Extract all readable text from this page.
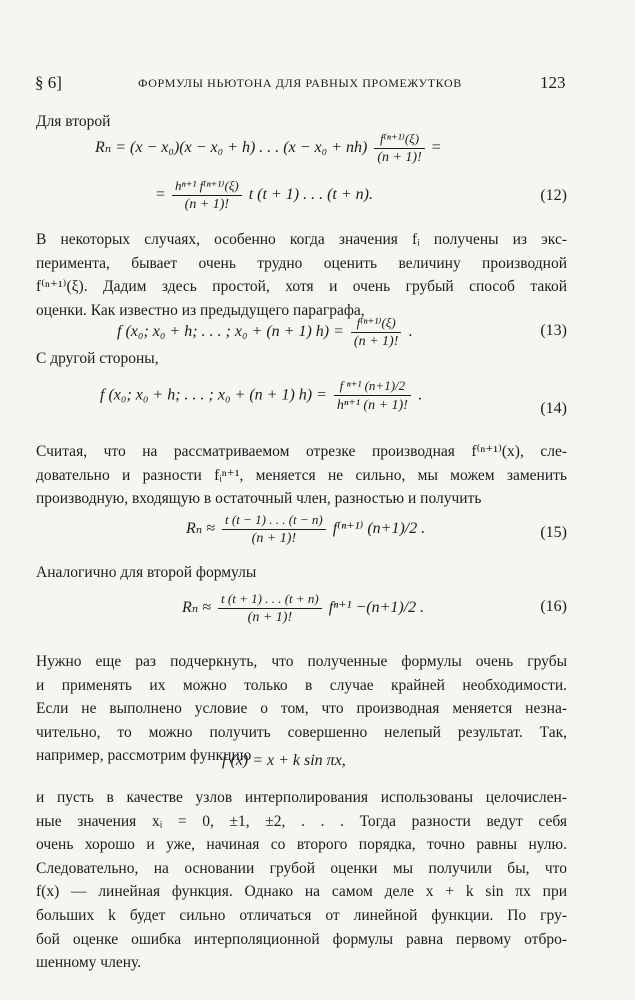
§ 6]	ФОРМУЛЫ НЬЮТОНА ДЛЯ РАВНЫХ ПРОМЕЖУТКОВ	123
Для второй
Rₙ = (x − x₀)(x − x₀ + h) . . . $(x - x_0 + nh) \frac{\text{f⁽ⁿ⁺¹⁾(ξ)}}{(n + 1)!}$ =
= $\frac{\text{hⁿ⁺¹ f⁽ⁿ⁺¹⁾(ξ)}}{(n + 1)!}$ t (t + 1) . . . (t + n).	(12)
В некоторых случаях, особенно когда значения fᵢ получены из экс-
перимента, бывает очень трудно оценить величину производной
f⁽ⁿ⁺¹⁾(ξ). Дадим здесь простой, хотя и очень грубый способ такой
оценки. Как известно из предыдущего параграфа,
f (x₀; x₀ + h; . . . ; x₀ + (n + 1) $h) = \frac{\text{f⁽ⁿ⁺¹⁾(ξ)}}{(n + 1)!}$ .	(13)
С другой стороны,
f (x₀; x₀ + h; . . . ; x₀ + (n + 1) $h) = \frac{\text{f ⁿ⁺¹ (n+1)/2}}{\text{hⁿ⁺¹ (n + 1)!}}$ .
(14)
Считая, что на рассматриваемом отрезке производная f⁽ⁿ⁺¹⁾(x), сле-
довательно и разности fᵢⁿ⁺¹, меняется не сильно, мы можем заменить
производную, входящую в остаточный член, разностью и получить
$R_n \approx \frac{t (t - 1) . . . (t - n)}{(n + 1)!} f^{(n+1)}$ (n+1)/2 .	(15)
Аналогично для второй формулы
$R_n \approx \frac{t (t + 1) . . . (t + n)}{(n + 1)!} f^{n+1} -(n+1)/2$ .	(16)
Нужно еще раз подчеркнуть, что полученные формулы очень грубы
и применять их можно только в случае крайней необходимости.
Если не выполнено условие о том, что производная меняется незна-
чительно, то можно получить совершенно нелепый результат. Так,
например, рассмотрим функцию
f (x) = x + k sin πx,
и пусть в качестве узлов интерполирования использованы целочислен-
ные значения xᵢ = 0, ±1, ±2, . . . Тогда разности ведут себя
очень хорошо и уже, начиная со второго порядка, точно равны нулю.
Следовательно, на основании грубой оценки мы получили бы, что
f(x) — линейная функция. Однако на самом деле x + k sin πx при
больших k будет сильно отличаться от линейной функции. По гру-
бой оценке ошибка интерполяционной формулы равна первому отбро-
шенному члену.
